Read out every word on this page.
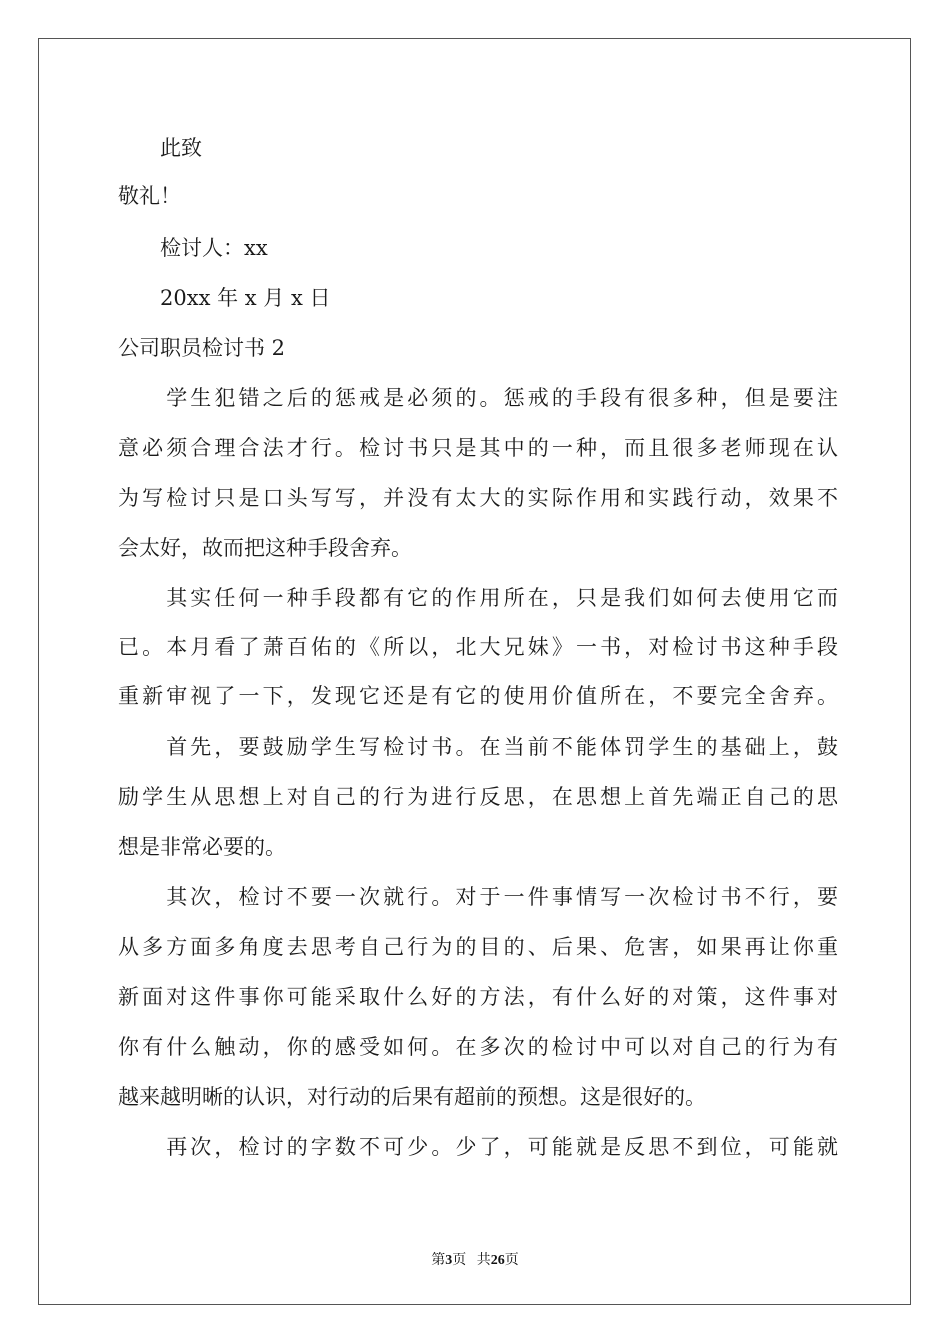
　　此致

敬礼！

　　检讨人：xx

　　20xx 年 x 月 x 日

公司职员检讨书 2

　　学生犯错之后的惩戒是必须的。惩戒的手段有很多种，但是要注

意必须合理合法才行。检讨书只是其中的一种，而且很多老师现在认

为写检讨只是口头写写，并没有太大的实际作用和实践行动，效果不

会太好，故而把这种手段舍弃。

　　其实任何一种手段都有它的作用所在，只是我们如何去使用它而

已。本月看了萧百佑的《所以，北大兄妹》一书，对检讨书这种手段

重新审视了一下，发现它还是有它的使用价值所在，不要完全舍弃。

　　首先，要鼓励学生写检讨书。在当前不能体罚学生的基础上，鼓

励学生从思想上对自己的行为进行反思，在思想上首先端正自己的思

想是非常必要的。

　　其次，检讨不要一次就行。对于一件事情写一次检讨书不行，要

从多方面多角度去思考自己行为的目的、后果、危害，如果再让你重

新面对这件事你可能采取什么好的方法，有什么好的对策，这件事对

你有什么触动，你的感受如何。在多次的检讨中可以对自己的行为有

越来越明晰的认识，对行动的后果有超前的预想。这是很好的。

　　再次，检讨的字数不可少。少了，可能就是反思不到位，可能就

第3页 共26页
